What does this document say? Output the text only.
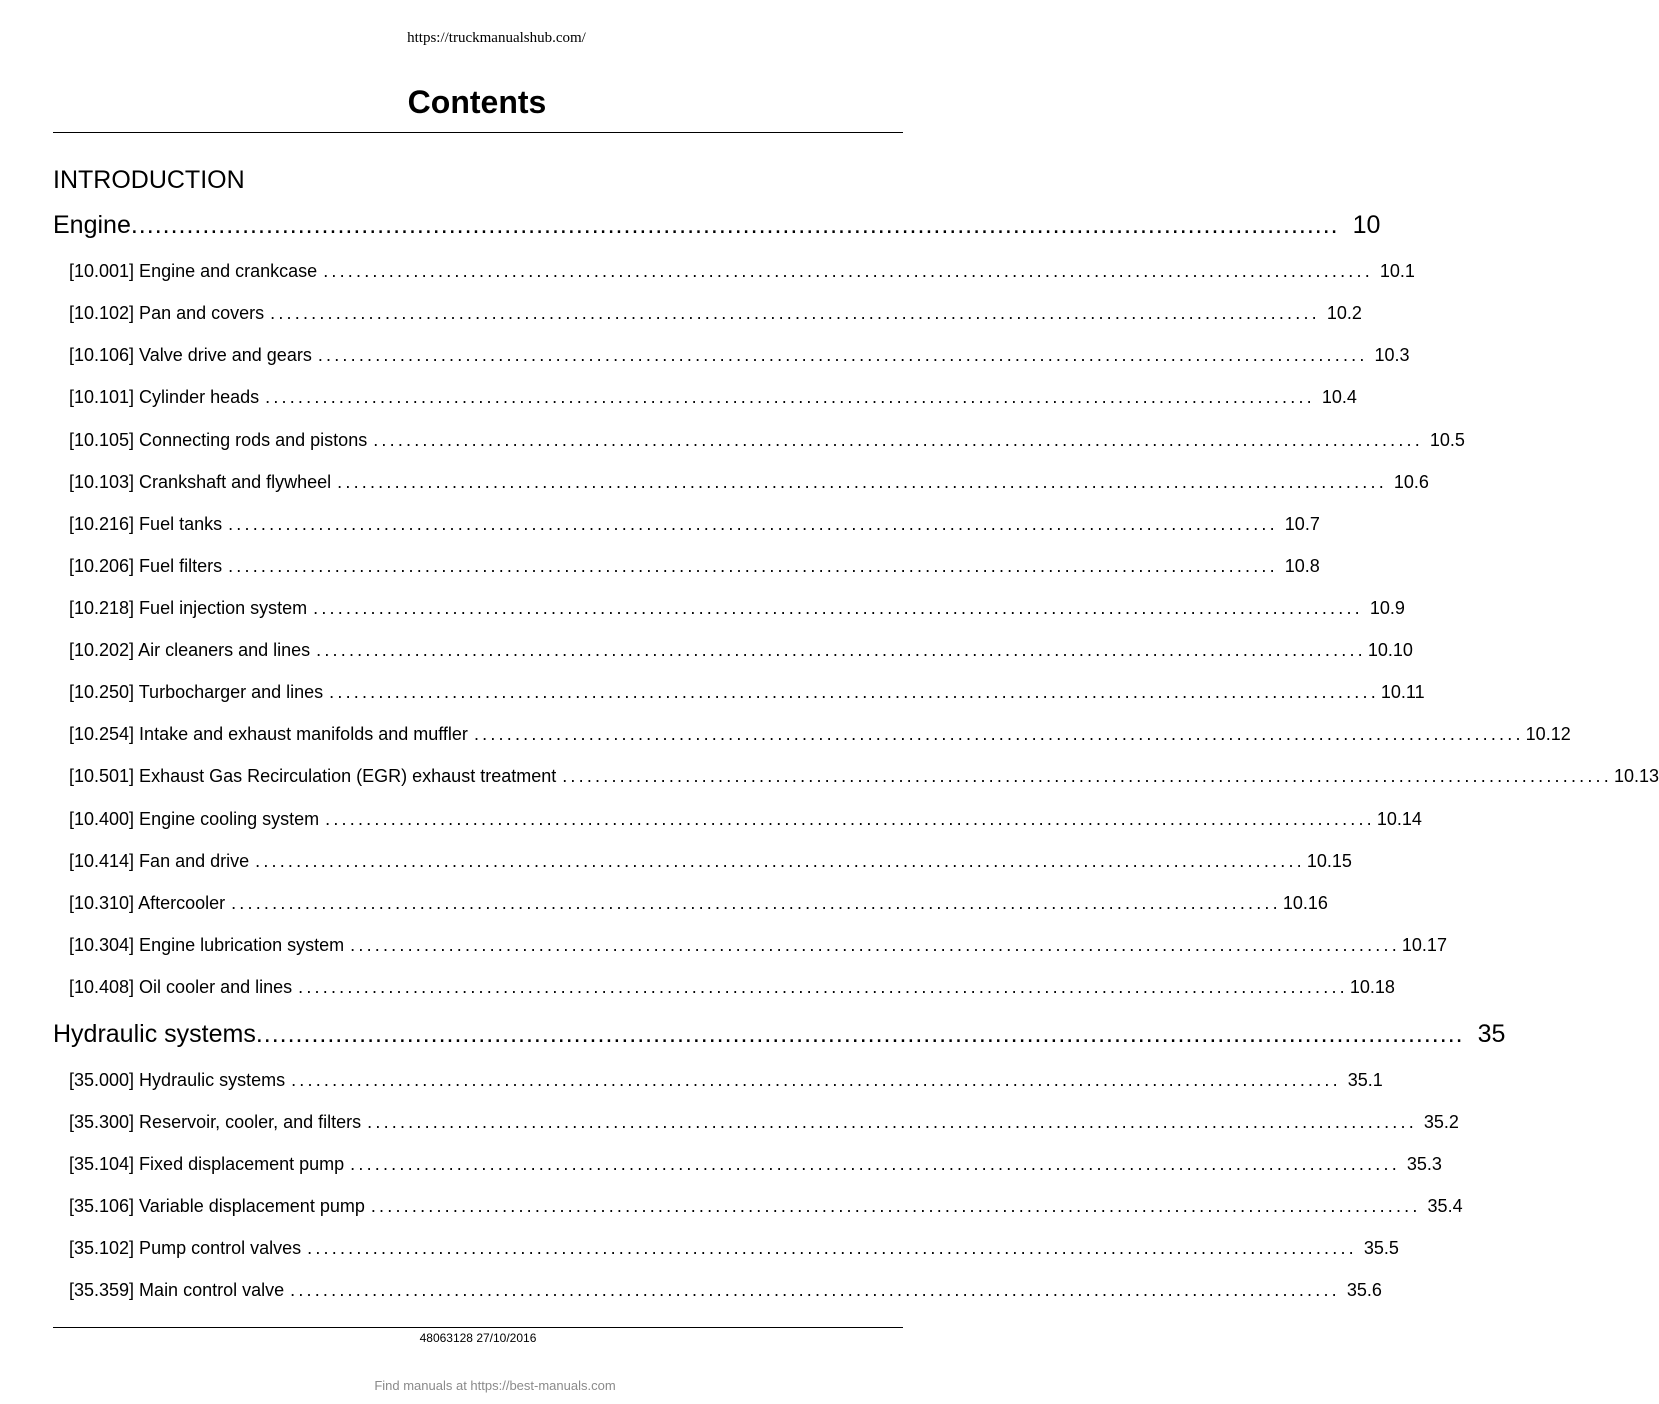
https://truckmanualshub.com/
Contents
INTRODUCTION
Engine ........................................................................................................................................................ 10
[10.001] Engine and crankcase ................................................................................................................................ 10.1
[10.102] Pan and covers ................................................................................................................................ 10.2
[10.106] Valve drive and gears ................................................................................................................................ 10.3
[10.101] Cylinder heads ................................................................................................................................ 10.4
[10.105] Connecting rods and pistons ................................................................................................................................ 10.5
[10.103] Crankshaft and flywheel ................................................................................................................................ 10.6
[10.216] Fuel tanks ................................................................................................................................ 10.7
[10.206] Fuel filters ................................................................................................................................ 10.8
[10.218] Fuel injection system ................................................................................................................................ 10.9
[10.202] Air cleaners and lines ................................................................................................................................ 10.10
[10.250] Turbocharger and lines ................................................................................................................................ 10.11
[10.254] Intake and exhaust manifolds and muffler ................................................................................................................................ 10.12
[10.501] Exhaust Gas Recirculation (EGR) exhaust treatment ................................................................................................................................ 10.13
[10.400] Engine cooling system ................................................................................................................................ 10.14
[10.414] Fan and drive ................................................................................................................................ 10.15
[10.310] Aftercooler ................................................................................................................................ 10.16
[10.304] Engine lubrication system ................................................................................................................................ 10.17
[10.408] Oil cooler and lines ................................................................................................................................ 10.18
Hydraulic systems ........................................................................................................................................................ 35
[35.000] Hydraulic systems ................................................................................................................................ 35.1
[35.300] Reservoir, cooler, and filters ................................................................................................................................ 35.2
[35.104] Fixed displacement pump ................................................................................................................................ 35.3
[35.106] Variable displacement pump ................................................................................................................................ 35.4
[35.102] Pump control valves ................................................................................................................................ 35.5
[35.359] Main control valve ................................................................................................................................ 35.6
48063128 27/10/2016
Find manuals at https://best-manuals.com
